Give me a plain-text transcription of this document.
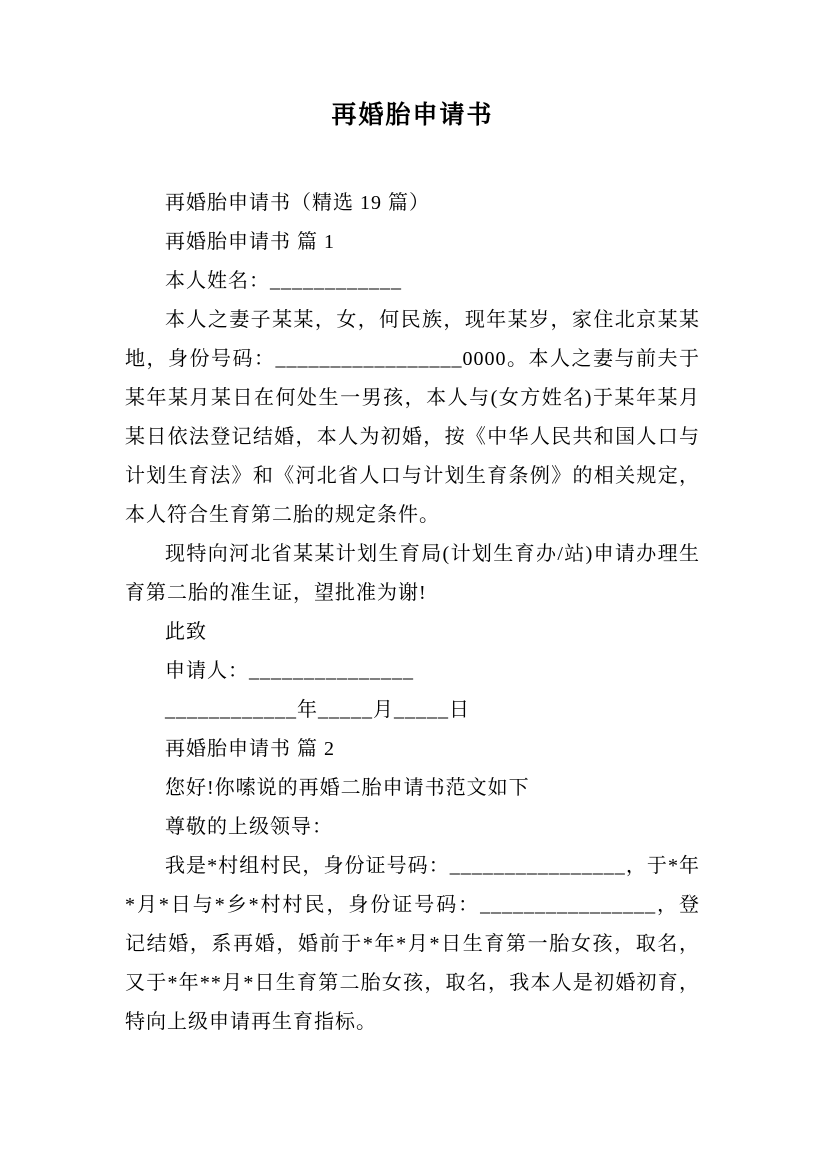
再婚胎申请书

再婚胎申请书（精选 19 篇）

再婚胎申请书 篇 1

本人姓名：____________

本人之妻子某某，女，何民族，现年某岁，家住北京某某地，身份号码：_________________0000。本人之妻与前夫于某年某月某日在何处生一男孩，本人与(女方姓名)于某年某月某日依法登记结婚，本人为初婚，按《中华人民共和国人口与计划生育法》和《河北省人口与计划生育条例》的相关规定，本人符合生育第二胎的规定条件。

现特向河北省某某计划生育局(计划生育办/站)申请办理生育第二胎的准生证，望批准为谢!

此致

申请人：_______________

____________年_____月_____日

再婚胎申请书 篇 2

您好!你嗦说的再婚二胎申请书范文如下

尊敬的上级领导：

我是*村组村民，身份证号码：________________，于*年*月*日与*乡*村村民，身份证号码：________________，登记结婚，系再婚，婚前于*年*月*日生育第一胎女孩，取名，又于*年**月*日生育第二胎女孩，取名，我本人是初婚初育，特向上级申请再生育指标。
